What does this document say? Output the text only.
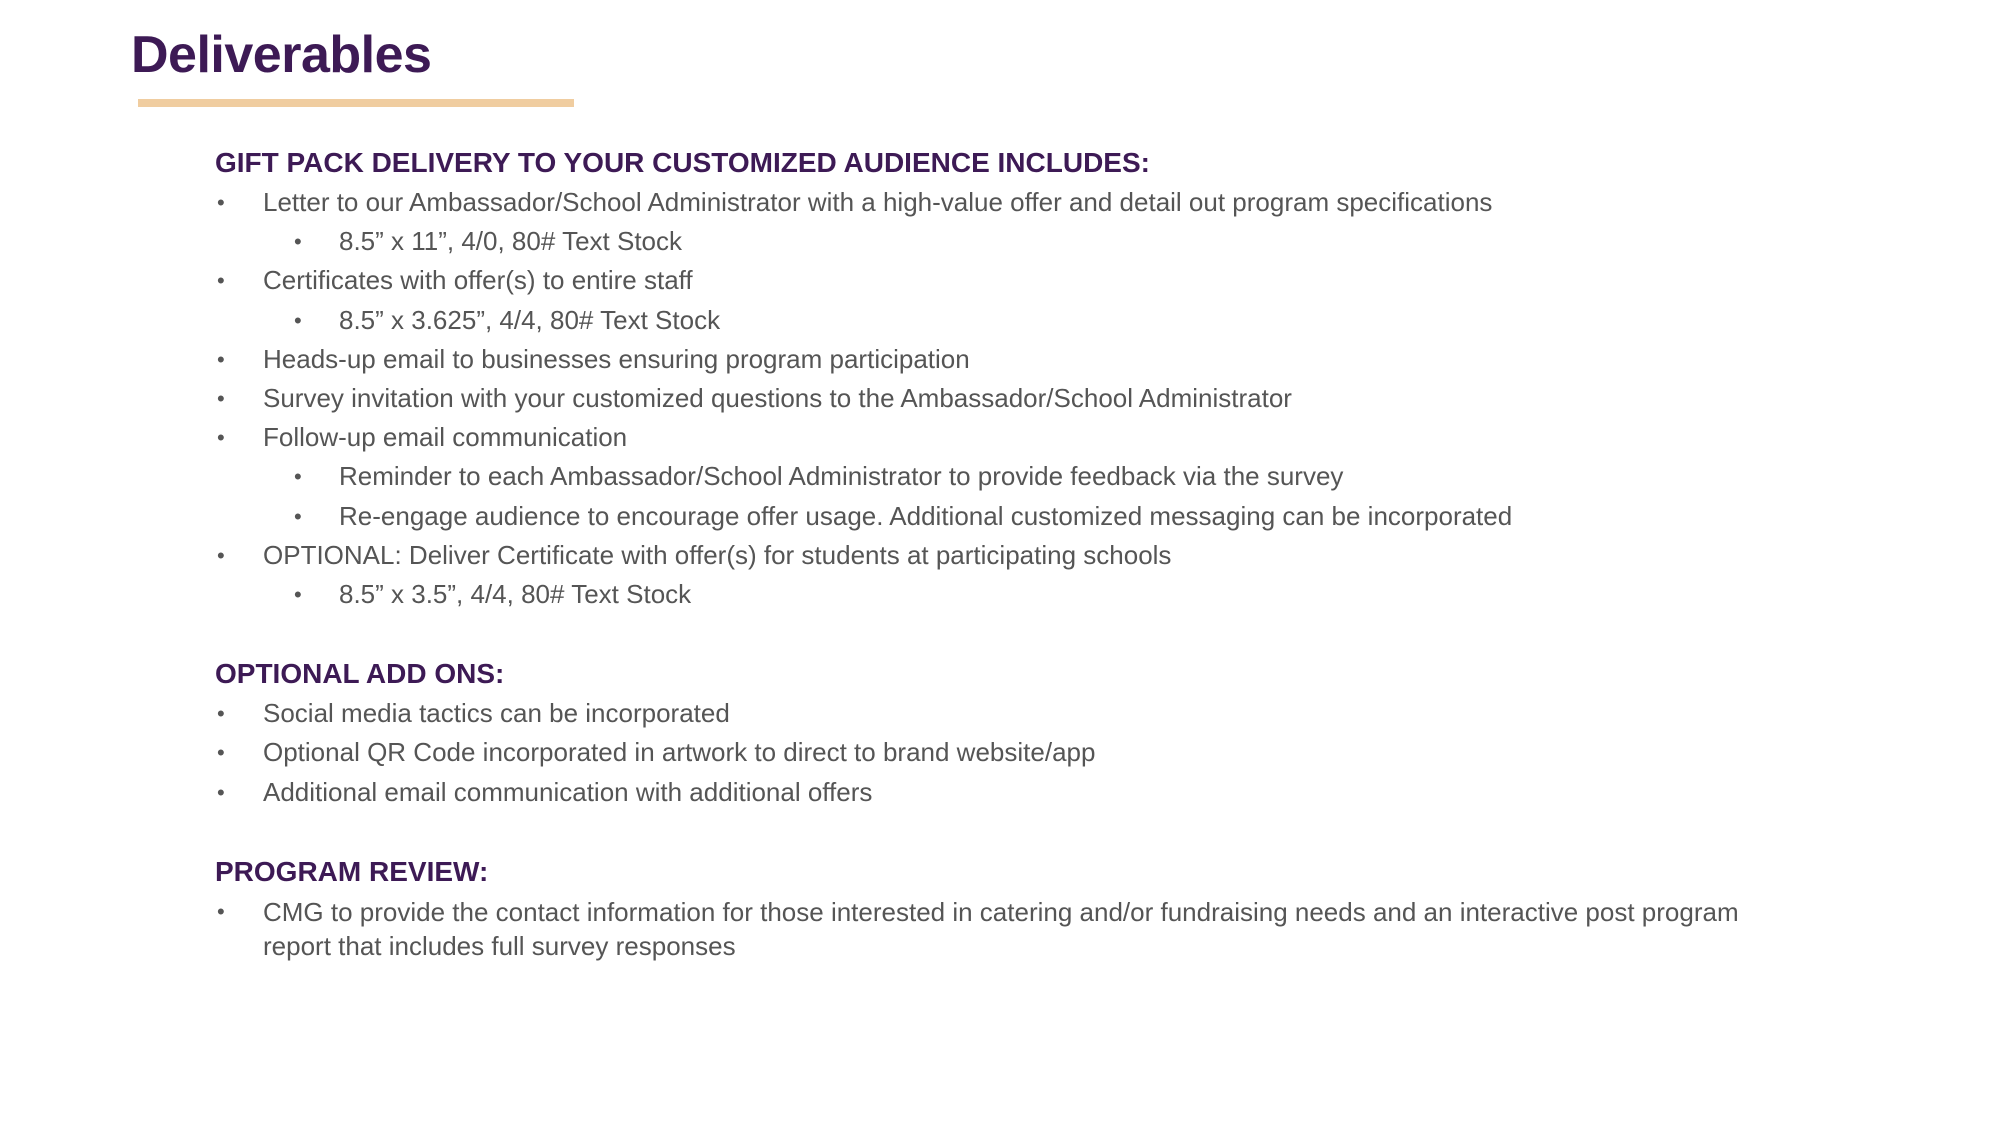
Deliverables
GIFT PACK DELIVERY TO YOUR CUSTOMIZED AUDIENCE INCLUDES:
• Letter to our Ambassador/School Administrator with a high-value offer and detail out program specifications
• 8.5” x 11”, 4/0, 80# Text Stock
• Certificates with offer(s) to entire staff
• 8.5” x 3.625”, 4/4, 80# Text Stock
• Heads-up email to businesses ensuring program participation
• Survey invitation with your customized questions to the Ambassador/School Administrator
• Follow-up email communication
• Reminder to each Ambassador/School Administrator to provide feedback via the survey
• Re-engage audience to encourage offer usage. Additional customized messaging can be incorporated
• OPTIONAL: Deliver Certificate with offer(s) for students at participating schools
• 8.5” x 3.5”, 4/4, 80# Text Stock
OPTIONAL ADD ONS:
• Social media tactics can be incorporated
• Optional QR Code incorporated in artwork to direct to brand website/app
• Additional email communication with additional offers
PROGRAM REVIEW:
• CMG to provide the contact information for those interested in catering and/or fundraising needs and an interactive post program report that includes full survey responses
